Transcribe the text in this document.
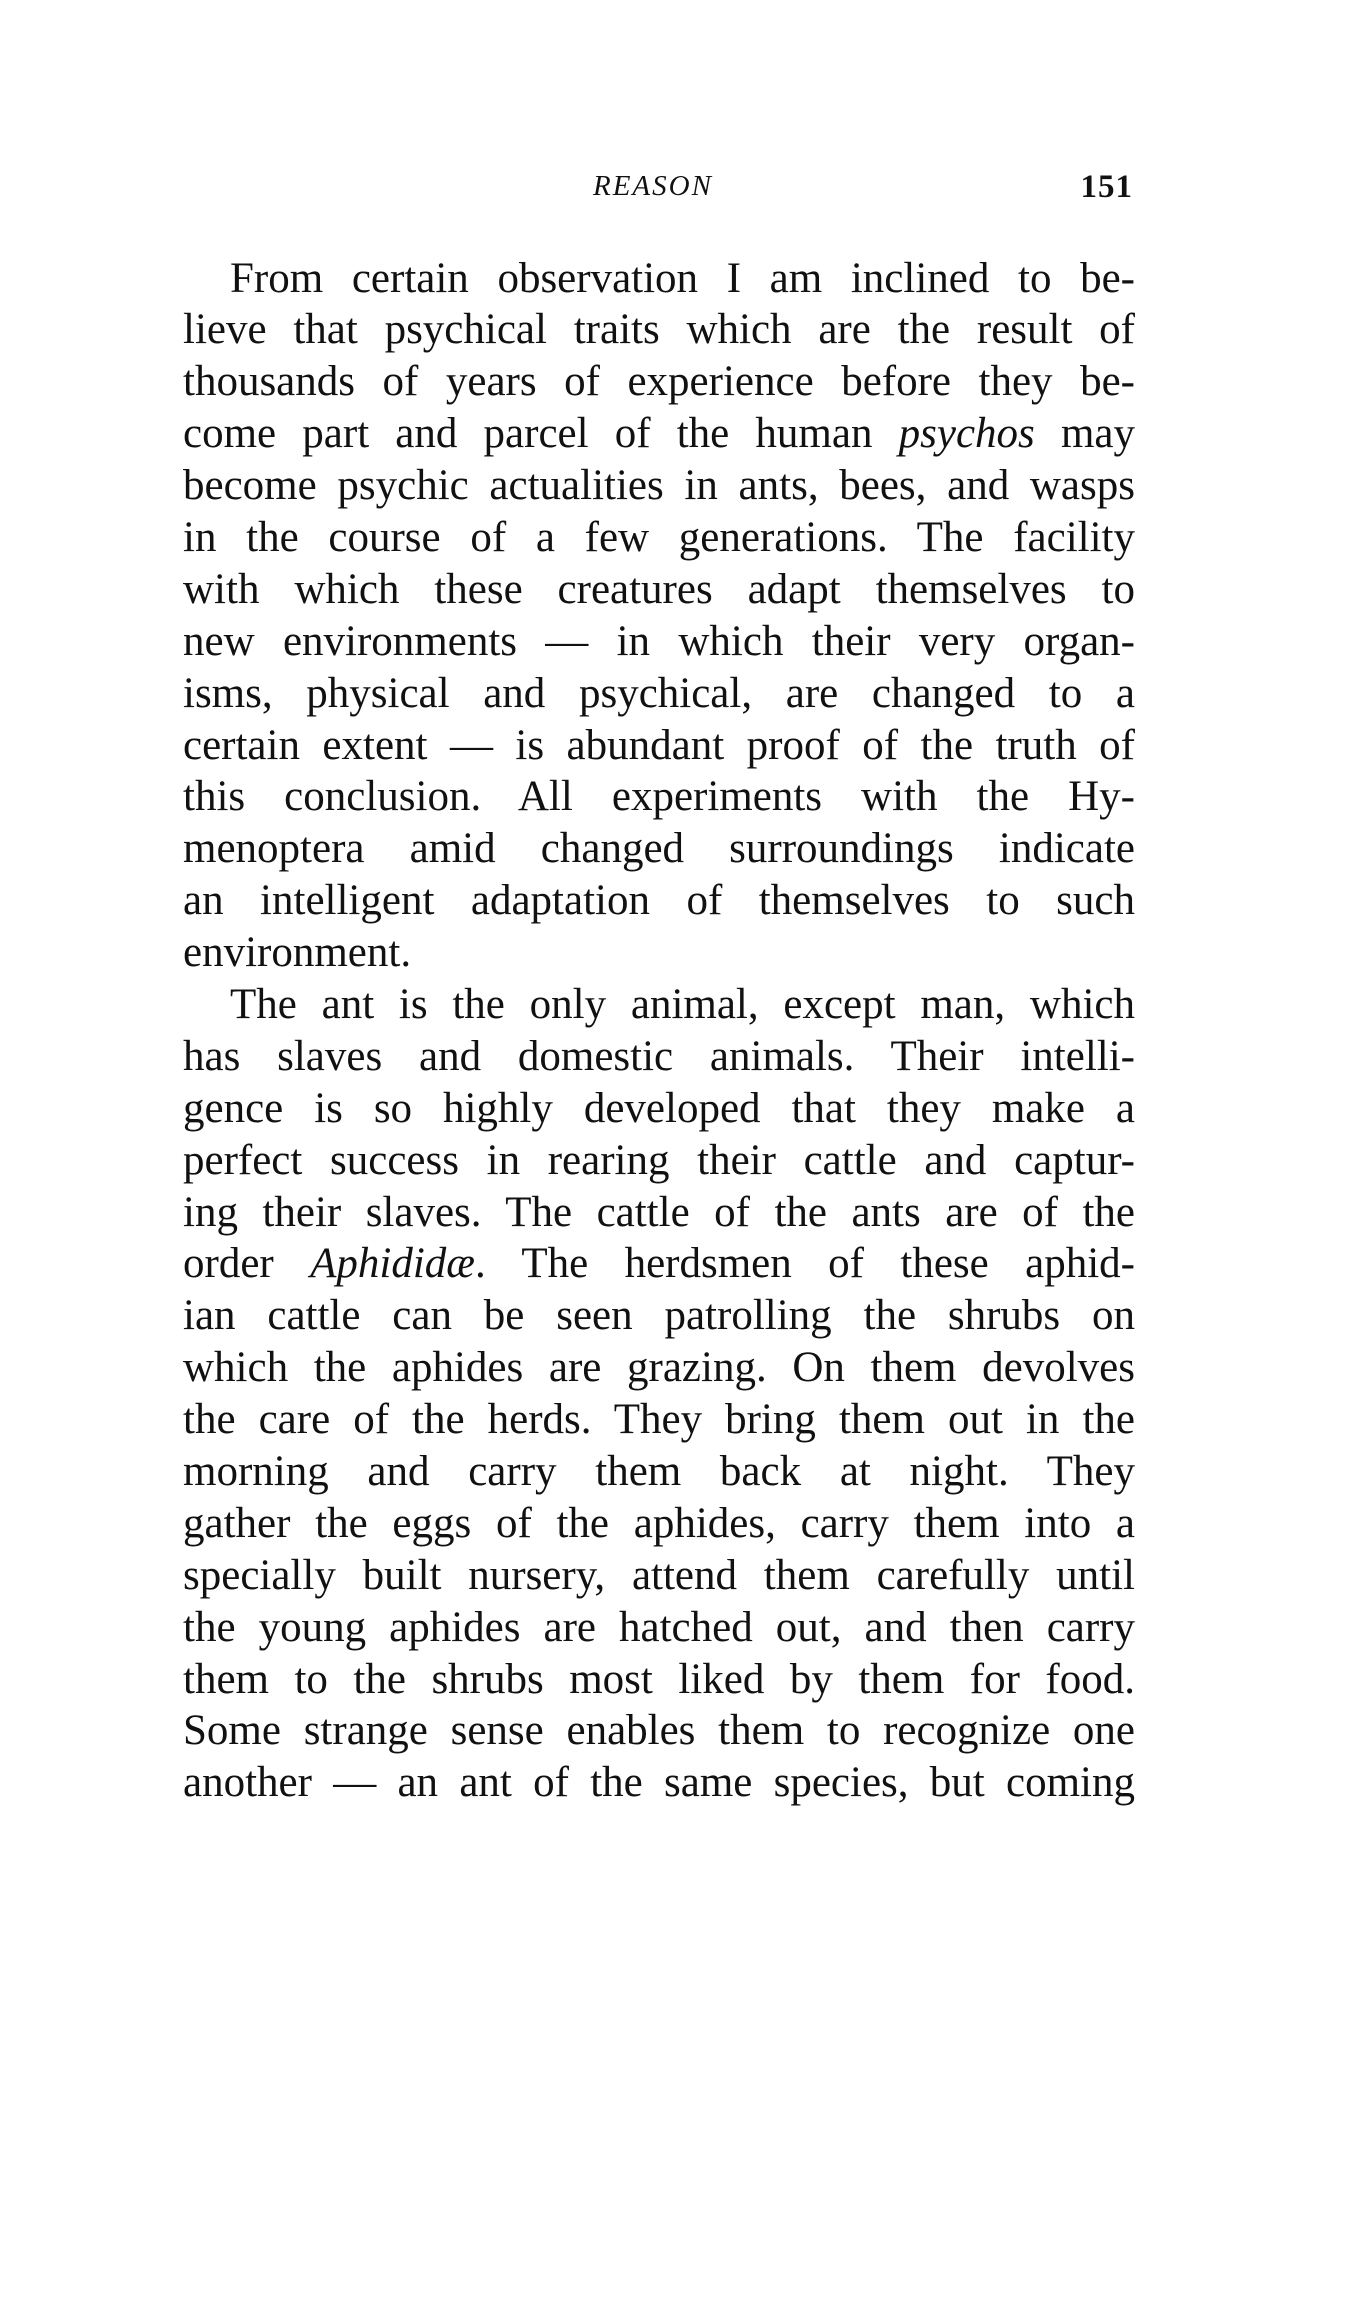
REASON	151
From certain observation I am inclined to be-
lieve that psychical traits which are the result of
thousands of years of experience before they be-
come part and parcel of the human psychos may
become psychic actualities in ants, bees, and wasps
in the course of a few generations. The facility
with which these creatures adapt themselves to
new environments — in which their very organ-
isms, physical and psychical, are changed to a
certain extent — is abundant proof of the truth of
this conclusion. All experiments with the Hy-
menoptera amid changed surroundings indicate
an intelligent adaptation of themselves to such
environment.
The ant is the only animal, except man, which
has slaves and domestic animals. Their intelli-
gence is so highly developed that they make a
perfect success in rearing their cattle and captur-
ing their slaves. The cattle of the ants are of the
order Aphididæ. The herdsmen of these aphid-
ian cattle can be seen patrolling the shrubs on
which the aphides are grazing. On them devolves
the care of the herds. They bring them out in the
morning and carry them back at night. They
gather the eggs of the aphides, carry them into a
specially built nursery, attend them carefully until
the young aphides are hatched out, and then carry
them to the shrubs most liked by them for food.
Some strange sense enables them to recognize one
another — an ant of the same species, but coming
